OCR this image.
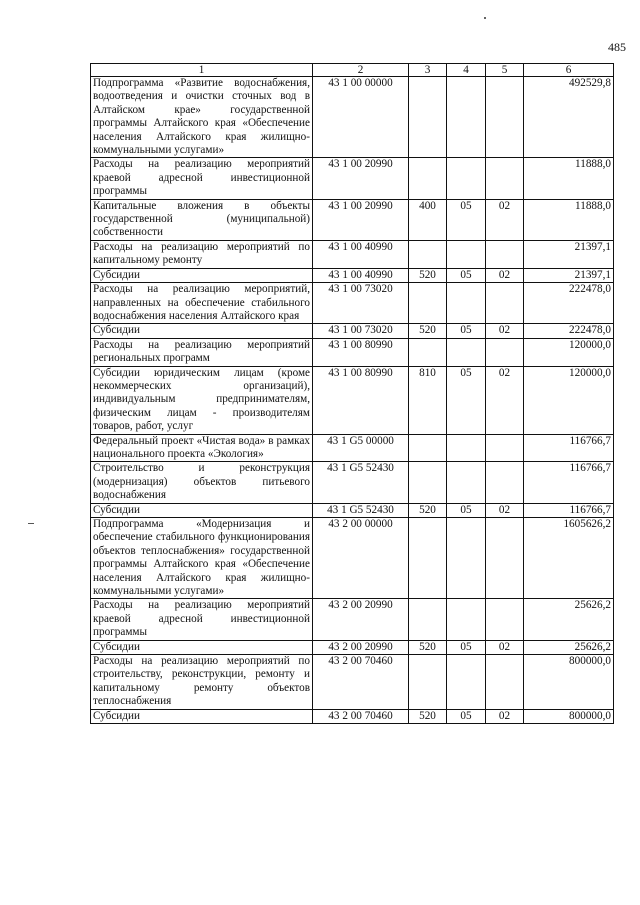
485
1	2	3	4	5	6
Подпрограмма «Развитие водоснабжения, водоотведения и очистки сточных вод в Алтайском крае» государственной программы Алтайского края «Обеспечение населения Алтайского края жилищно-коммунальными услугами»	43 1 00 00000				492529,8
Расходы на реализацию мероприятий краевой адресной инвестиционной программы	43 1 00 20990				11888,0
Капитальные вложения в объекты государственной (муниципальной) собственности	43 1 00 20990	400	05	02	11888,0
Расходы на реализацию мероприятий по капитальному ремонту	43 1 00 40990				21397,1
Субсидии	43 1 00 40990	520	05	02	21397,1
Расходы на реализацию мероприятий, направленных на обеспечение стабильного водоснабжения населения Алтайского края	43 1 00 73020				222478,0
Субсидии	43 1 00 73020	520	05	02	222478,0
Расходы на реализацию мероприятий региональных программ	43 1 00 80990				120000,0
Субсидии юридическим лицам (кроме некоммерческих организаций), индивидуальным предпринимателям, физическим лицам - производителям товаров, работ, услуг	43 1 00 80990	810	05	02	120000,0
Федеральный проект «Чистая вода» в рамках национального проекта «Экология»	43 1 G5 00000				116766,7
Строительство и реконструкция (модернизация) объектов питьевого водоснабжения	43 1 G5 52430				116766,7
Субсидии	43 1 G5 52430	520	05	02	116766,7
Подпрограмма «Модернизация и обеспечение стабильного функционирования объектов теплоснабжения» государственной программы Алтайского края «Обеспечение населения Алтайского края жилищно-коммунальными услугами»	43 2 00 00000				1605626,2
Расходы на реализацию мероприятий краевой адресной инвестиционной программы	43 2 00 20990				25626,2
Субсидии	43 2 00 20990	520	05	02	25626,2
Расходы на реализацию мероприятий по строительству, реконструкции, ремонту и капитальному ремонту объектов теплоснабжения	43 2 00 70460				800000,0
Субсидии	43 2 00 70460	520	05	02	800000,0
